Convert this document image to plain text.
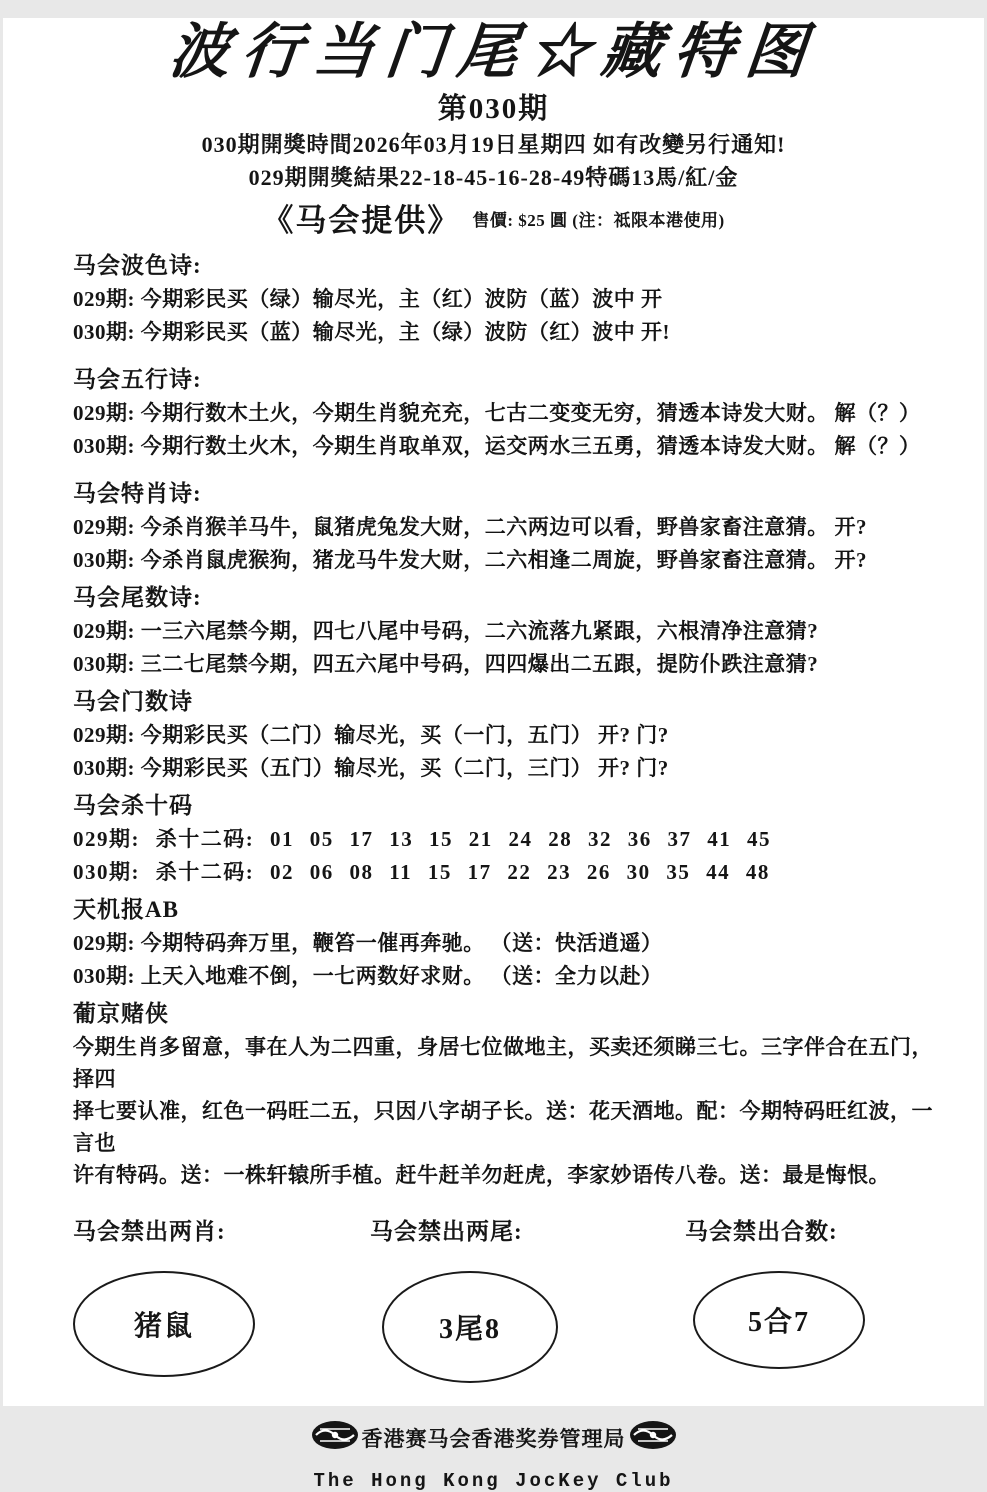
波行当门尾☆藏特图
第030期
030期開獎時間2026年03月19日星期四 如有改變另行通知!
029期開獎結果22-18-45-16-28-49特碼13馬/紅/金
《马会提供》 售價: $25 圓 (注：祗限本港使用)
马会波色诗:
029期: 今期彩民买（绿）输尽光，主（红）波防（蓝）波中 开
030期: 今期彩民买（蓝）输尽光，主（绿）波防（红）波中 开!
马会五行诗:
029期: 今期行数木土火，今期生肖貌充充，七古二变变无穷，猜透本诗发大财。 解（？）
030期: 今期行数土火木，今期生肖取单双，运交两水三五勇，猜透本诗发大财。 解（？）
马会特肖诗:
029期: 今杀肖猴羊马牛，鼠猪虎兔发大财，二六两边可以看，野兽家畜注意猜。 开?
030期: 今杀肖鼠虎猴狗，猪龙马牛发大财，二六相逢二周旋，野兽家畜注意猜。 开?
马会尾数诗:
029期: 一三六尾禁今期，四七八尾中号码，二六流落九紧跟，六根清净注意猜?
030期: 三二七尾禁今期，四五六尾中号码，四四爆出二五跟，提防仆跌注意猜?
马会门数诗
029期: 今期彩民买（二门）输尽光，买（一门，五门） 开? 门?
030期: 今期彩民买（五门）输尽光，买（二门，三门） 开? 门?
马会杀十码
029期: 杀十二码: 01 05 17 13 15 21 24 28 32 36 37 41 45
030期: 杀十二码: 02 06 08 11 15 17 22 23 26 30 35 44 48
天机报AB
029期: 今期特码奔万里，鞭笞一催再奔驰。 （送：快活逍遥）
030期: 上天入地难不倒，一七两数好求财。 （送：全力以赴）
葡京赌侠
今期生肖多留意，事在人为二四重，身居七位做地主，买卖还须睇三七。三字伴合在五门，择四
择七要认准，红色一码旺二五，只因八字胡子长。送：花天酒地。配：今期特码旺红波，一言也
许有特码。送：一株轩辕所手植。赶牛赶羊勿赶虎，李家妙语传八卷。送：最是悔恨。
马会禁出两肖:
猪鼠
马会禁出两尾:
3尾8
马会禁出合数:
5合7
香港赛马会香港奖券管理局
The Hong Kong JocKey Club
